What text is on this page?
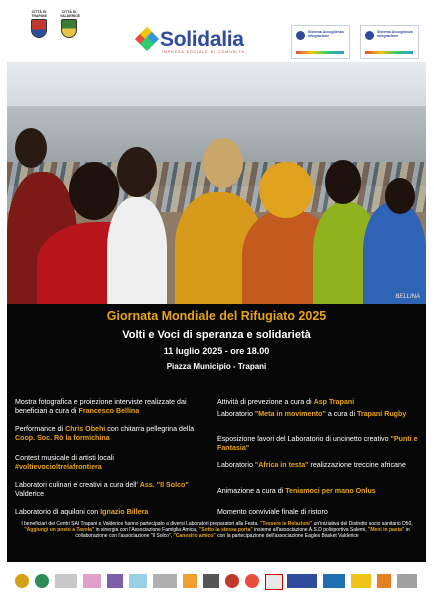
CITTÀ DI TRAPANI
CITTÀ DI VALDERICE
Solidalia
IMPRESA SOCIALE DI COMUNITÀ
Sistema Accoglienza Integrazione
Sistema Accoglienza Integrazione
BELLINA
Giornata Mondiale del Rifugiato 2025
Volti e Voci di speranza e solidarietà
11 luglio 2025 - ore 18.00
Piazza Municipio - Trapani
Mostra fotografica e proiezione interviste realizzate dai beneficiari a cura di Francesco Bellina
Performance di Chris Obehi con chitarra pellegrina della Coop. Soc. Rò la formichina
Contest musicale di artisti locali
#voltievocioltrelafrontiera
Laboratori culinari e creativi a cura dell' Ass. "Il Solco" Valderice
Laboratorio di aquiloni con Ignazio Billera
Attività di prevezione a cura di Asp Trapani
Laboratorio "Meta in movimento" a cura di Trapani Rugby
Esposizione lavori del Laboratorio di uncinetto creativo "Punti e Fantasia"
Laboratorio "Africa in testa" realizzazione treccine africane
Animazione a cura di Teniamoci per mano Onlus
Momento conviviale finale di ristoro
I beneficiari dei Centri SAI Trapani e Valderice hanno partecipato a diversi Laboratori preparatori alla Festa. "Tessere le Relazioni" un'iniziativa del Distretto socio sanitario D50, "Aggiungi un posto a Tavola" in sinergia con l'Associazione Famiglia Amica, "Sotto la stessa porta" insieme all'associazione A.S.D polisportiva Salemi, "Meni in pasta" in collaborazione con l'associazione "Il Solco", "Canestro amico" con la partecipazione dell'associazione Eagles Basket Valderice
